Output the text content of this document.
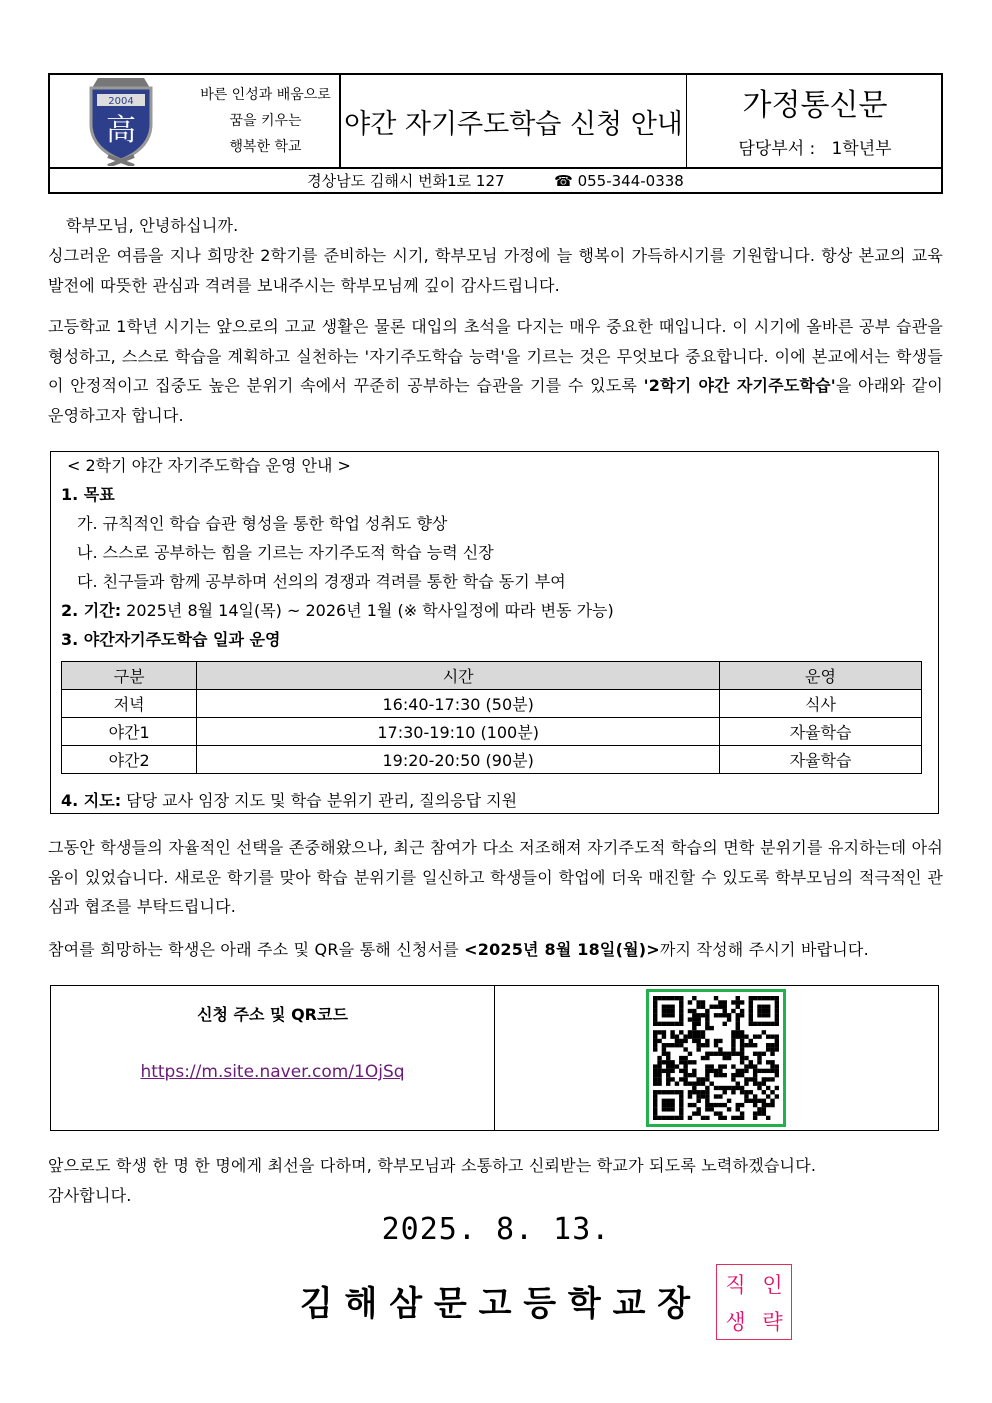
2004
高
바른 인성과 배움으로
꿈을 키우는
행복한 학교
야간 자기주도학습 신청 안내
가정통신문
담당부서 : 1학년부
경상남도 김해시 번화1로 127	☎ 055-344-0338
학부모님, 안녕하십니까.
싱그러운 여름을 지나 희망찬 2학기를 준비하는 시기, 학부모님 가정에 늘 행복이 가득하시기를 기원합니다. 항상 본교의 교육 발전에 따뜻한 관심과 격려를 보내주시는 학부모님께 깊이 감사드립니다.
고등학교 1학년 시기는 앞으로의 고교 생활은 물론 대입의 초석을 다지는 매우 중요한 때입니다. 이 시기에 올바른 공부 습관을 형성하고, 스스로 학습을 계획하고 실천하는 '자기주도학습 능력'을 기르는 것은 무엇보다 중요합니다. 이에 본교에서는 학생들이 안정적이고 집중도 높은 분위기 속에서 꾸준히 공부하는 습관을 기를 수 있도록 '2학기 야간 자기주도학습'을 아래와 같이 운영하고자 합니다.
< 2학기 야간 자기주도학습 운영 안내 >
1. 목표
가. 규칙적인 학습 습관 형성을 통한 학업 성취도 향상
나. 스스로 공부하는 힘을 기르는 자기주도적 학습 능력 신장
다. 친구들과 함께 공부하며 선의의 경쟁과 격려를 통한 학습 동기 부여
2. 기간: 2025년 8월 14일(목) ~ 2026년 1월 (※ 학사일정에 따라 변동 가능)
3. 야간자기주도학습 일과 운영
구분	시간	운영
저녁	16:40-17:30 (50분)	식사
야간1	17:30-19:10 (100분)	자율학습
야간2	19:20-20:50 (90분)	자율학습
4. 지도: 담당 교사 임장 지도 및 학습 분위기 관리, 질의응답 지원
그동안 학생들의 자율적인 선택을 존중해왔으나, 최근 참여가 다소 저조해져 자기주도적 학습의 면학 분위기를 유지하는데 아쉬움이 있었습니다. 새로운 학기를 맞아 학습 분위기를 일신하고 학생들이 학업에 더욱 매진할 수 있도록 학부모님의 적극적인 관심과 협조를 부탁드립니다.
참여를 희망하는 학생은 아래 주소 및 QR을 통해 신청서를 <2025년 8월 18일(월)>까지 작성해 주시기 바랍니다.
신청 주소 및 QR코드
https://m.site.naver.com/1OjSq
앞으로도 학생 한 명 한 명에게 최선을 다하며, 학부모님과 소통하고 신뢰받는 학교가 되도록 노력하겠습니다.
감사합니다.
2025. 8. 13.
김 해 삼 문 고 등 학 교 장	직 인
생 략
